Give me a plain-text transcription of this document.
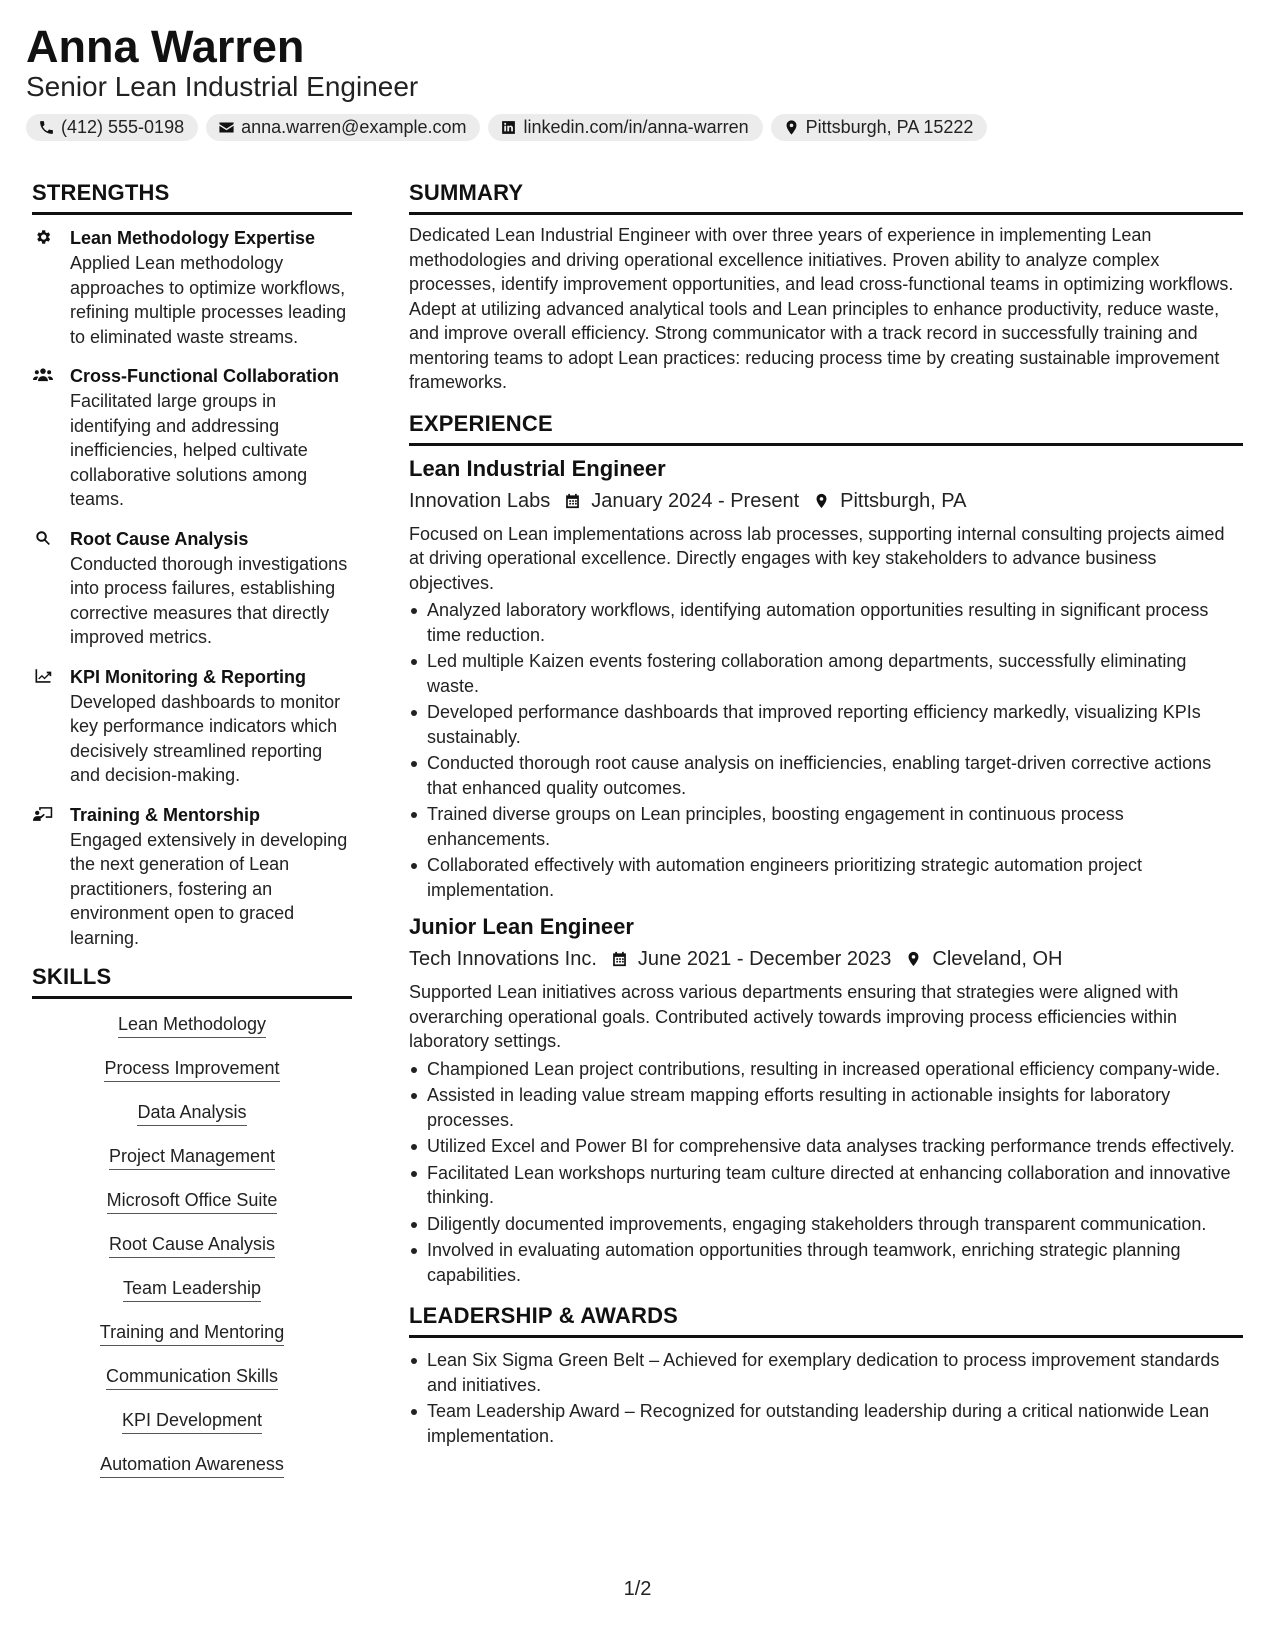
Anna Warren
Senior Lean Industrial Engineer
(412) 555-0198	anna.warren@example.com	linkedin.com/in/anna-warren	Pittsburgh, PA 15222
STRENGTHS
Lean Methodology Expertise
Applied Lean methodology approaches to optimize workflows, refining multiple processes leading to eliminated waste streams.
Cross-Functional Collaboration
Facilitated large groups in identifying and addressing inefficiencies, helped cultivate collaborative solutions among teams.
Root Cause Analysis
Conducted thorough investigations into process failures, establishing corrective measures that directly improved metrics.
KPI Monitoring & Reporting
Developed dashboards to monitor key performance indicators which decisively streamlined reporting and decision-making.
Training & Mentorship
Engaged extensively in developing the next generation of Lean practitioners, fostering an environment open to graced learning.
SKILLS
Lean Methodology
Process Improvement
Data Analysis
Project Management
Microsoft Office Suite
Root Cause Analysis
Team Leadership
Training and Mentoring
Communication Skills
KPI Development
Automation Awareness
SUMMARY
Dedicated Lean Industrial Engineer with over three years of experience in implementing Lean methodologies and driving operational excellence initiatives. Proven ability to analyze complex processes, identify improvement opportunities, and lead cross-functional teams in optimizing workflows. Adept at utilizing advanced analytical tools and Lean principles to enhance productivity, reduce waste, and improve overall efficiency. Strong communicator with a track record in successfully training and mentoring teams to adopt Lean practices: reducing process time by creating sustainable improvement frameworks.
EXPERIENCE
Lean Industrial Engineer
Innovation Labs January 2024 - Present Pittsburgh, PA
Focused on Lean implementations across lab processes, supporting internal consulting projects aimed at driving operational excellence. Directly engages with key stakeholders to advance business objectives.
Analyzed laboratory workflows, identifying automation opportunities resulting in significant process time reduction.
Led multiple Kaizen events fostering collaboration among departments, successfully eliminating waste.
Developed performance dashboards that improved reporting efficiency markedly, visualizing KPIs sustainably.
Conducted thorough root cause analysis on inefficiencies, enabling target-driven corrective actions that enhanced quality outcomes.
Trained diverse groups on Lean principles, boosting engagement in continuous process enhancements.
Collaborated effectively with automation engineers prioritizing strategic automation project implementation.
Junior Lean Engineer
Tech Innovations Inc. June 2021 - December 2023 Cleveland, OH
Supported Lean initiatives across various departments ensuring that strategies were aligned with overarching operational goals. Contributed actively towards improving process efficiencies within laboratory settings.
Championed Lean project contributions, resulting in increased operational efficiency company-wide.
Assisted in leading value stream mapping efforts resulting in actionable insights for laboratory processes.
Utilized Excel and Power BI for comprehensive data analyses tracking performance trends effectively.
Facilitated Lean workshops nurturing team culture directed at enhancing collaboration and innovative thinking.
Diligently documented improvements, engaging stakeholders through transparent communication.
Involved in evaluating automation opportunities through teamwork, enriching strategic planning capabilities.
LEADERSHIP & AWARDS
Lean Six Sigma Green Belt – Achieved for exemplary dedication to process improvement standards and initiatives.
Team Leadership Award – Recognized for outstanding leadership during a critical nationwide Lean implementation.
1/2
